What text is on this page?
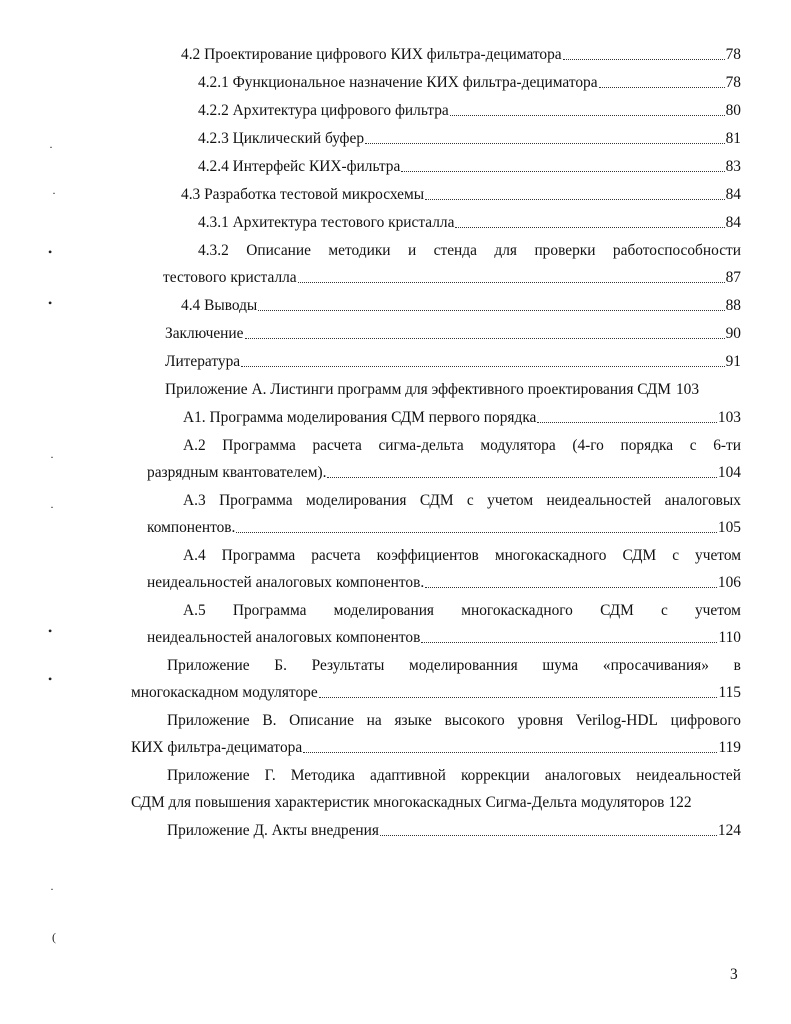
4.2 Проектирование цифрового КИХ фильтра-дециматора	78
4.2.1 Функциональное назначение КИХ фильтра-дециматора	78
4.2.2 Архитектура цифрового фильтра	80
4.2.3 Циклический буфер	81
4.2.4 Интерфейс КИХ-фильтра	83
4.3 Разработка тестовой микросхемы	84
4.3.1 Архитектура тестового кристалла	84
4.3.2 Описание методики и стенда для проверки работоспособности
тестового кристалла	87
4.4 Выводы	88
Заключение	90
Литература	91
Приложение А. Листинги программ для эффективного проектирования СДМ 103
А1. Программа моделирования СДМ первого порядка	103
А.2 Программа расчета сигма-дельта модулятора (4-го порядка с 6-ти
разрядным квантователем).	104
А.3 Программа моделирования СДМ с учетом неидеальностей аналоговых
компонентов.	105
А.4 Программа расчета коэффициентов многокаскадного СДМ с учетом
неидеальностей аналоговых компонентов.	106
А.5 Программа моделирования многокаскадного СДМ с учетом
неидеальностей аналоговых компонентов	110
Приложение Б. Результаты моделированния шума «просачивания» в
многокаскадном модуляторе	115
Приложение В. Описание на языке высокого уровня Verilog-HDL цифрового
КИХ фильтра-дециматора	119
Приложение Г. Методика адаптивной коррекции аналоговых неидеальностей
СДМ для повышения характеристик многокаскадных Сигма-Дельта модуляторов 122
Приложение Д. Акты внедрения	124
·
·
•
•
·
·
•
•
·
(
3
